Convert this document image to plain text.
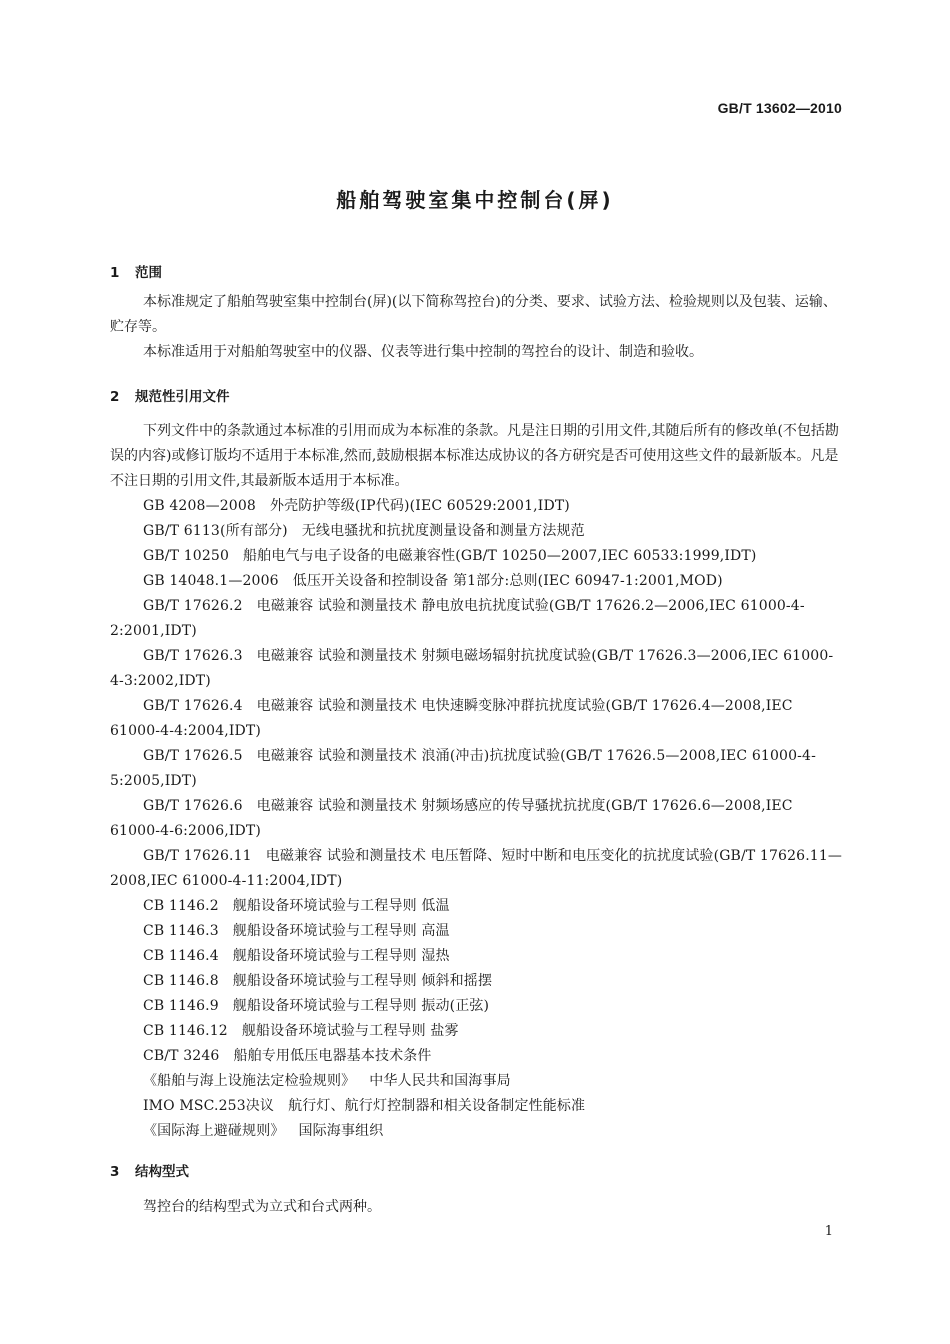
GB/T 13602—2010
船舶驾驶室集中控制台(屏)
1 范围

本标准规定了船舶驾驶室集中控制台(屏)(以下简称驾控台)的分类、要求、试验方法、检验规则以及包装、运输、贮存等。

本标准适用于对船舶驾驶室中的仪器、仪表等进行集中控制的驾控台的设计、制造和验收。

2 规范性引用文件

下列文件中的条款通过本标准的引用而成为本标准的条款。凡是注日期的引用文件,其随后所有的修改单(不包括勘误的内容)或修订版均不适用于本标准,然而,鼓励根据本标准达成协议的各方研究是否可使用这些文件的最新版本。凡是不注日期的引用文件,其最新版本适用于本标准。

GB 4208—2008 外壳防护等级(IP代码)(IEC 60529:2001,IDT)

GB/T 6113(所有部分) 无线电骚扰和抗扰度测量设备和测量方法规范

GB/T 10250 船舶电气与电子设备的电磁兼容性(GB/T 10250—2007,IEC 60533:1999,IDT)

GB 14048.1—2006 低压开关设备和控制设备 第1部分:总则(IEC 60947-1:2001,MOD)

GB/T 17626.2 电磁兼容 试验和测量技术 静电放电抗扰度试验(GB/T 17626.2—2006,IEC 61000-4-2:2001,IDT)

GB/T 17626.3 电磁兼容 试验和测量技术 射频电磁场辐射抗扰度试验(GB/T 17626.3—2006,IEC 61000-4-3:2002,IDT)

GB/T 17626.4 电磁兼容 试验和测量技术 电快速瞬变脉冲群抗扰度试验(GB/T 17626.4—2008,IEC 61000-4-4:2004,IDT)

GB/T 17626.5 电磁兼容 试验和测量技术 浪涌(冲击)抗扰度试验(GB/T 17626.5—2008,IEC 61000-4-5:2005,IDT)

GB/T 17626.6 电磁兼容 试验和测量技术 射频场感应的传导骚扰抗扰度(GB/T 17626.6—2008,IEC 61000-4-6:2006,IDT)

GB/T 17626.11 电磁兼容 试验和测量技术 电压暂降、短时中断和电压变化的抗扰度试验(GB/T 17626.11—2008,IEC 61000-4-11:2004,IDT)

CB 1146.2 舰船设备环境试验与工程导则 低温

CB 1146.3 舰船设备环境试验与工程导则 高温

CB 1146.4 舰船设备环境试验与工程导则 湿热

CB 1146.8 舰船设备环境试验与工程导则 倾斜和摇摆

CB 1146.9 舰船设备环境试验与工程导则 振动(正弦)

CB 1146.12 舰船设备环境试验与工程导则 盐雾

CB/T 3246 船舶专用低压电器基本技术条件

《船舶与海上设施法定检验规则》 中华人民共和国海事局

IMO MSC.253决议 航行灯、航行灯控制器和相关设备制定性能标准

《国际海上避碰规则》 国际海事组织

3 结构型式

驾控台的结构型式为立式和台式两种。

1
